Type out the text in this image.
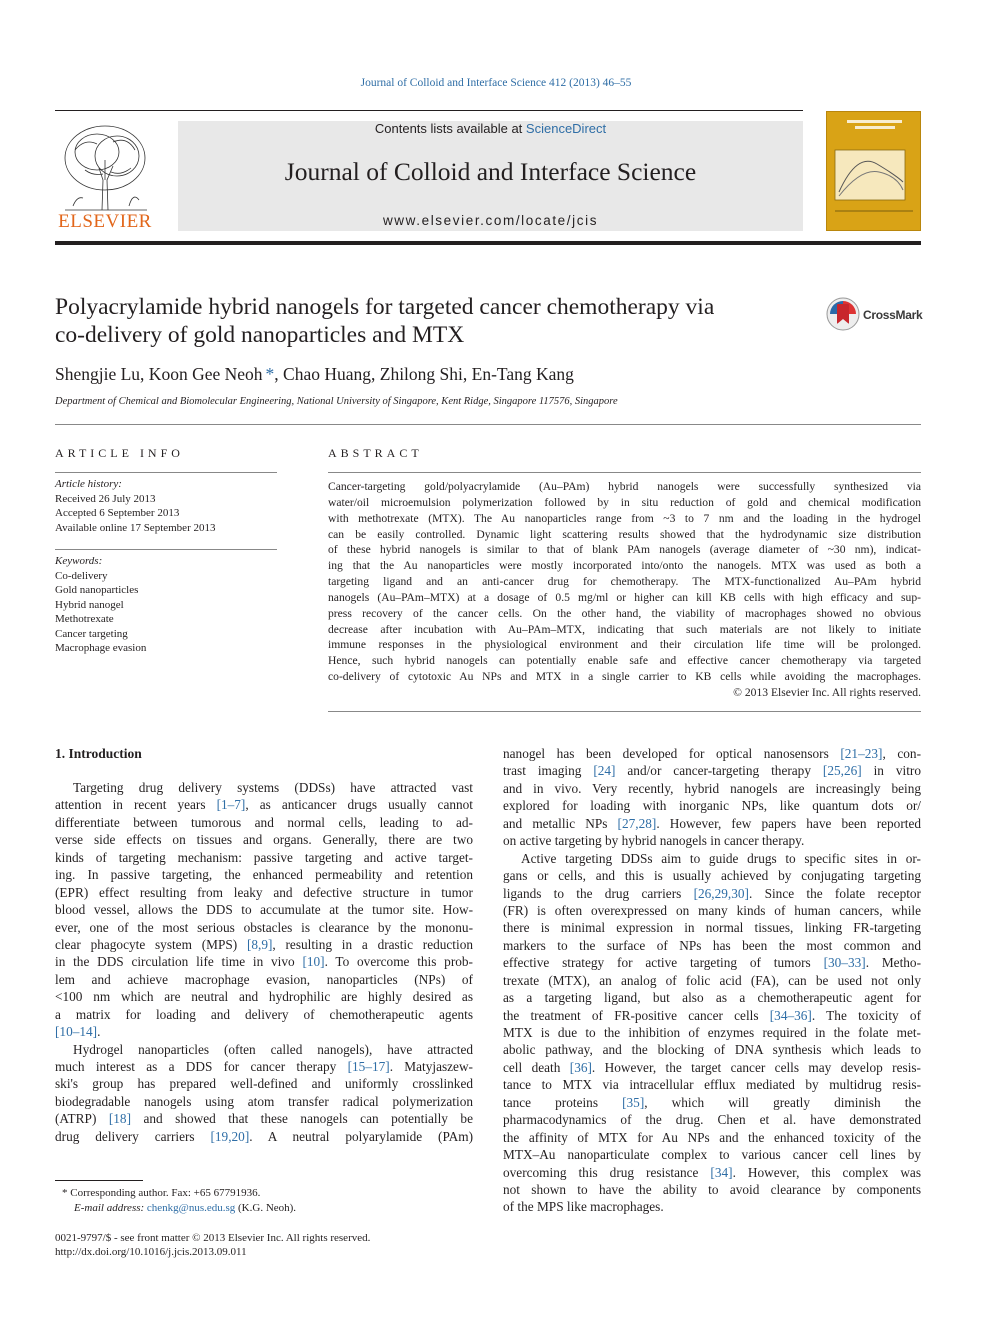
Journal of Colloid and Interface Science 412 (2013) 46–55
ELSEVIER
Contents lists available at ScienceDirect
Journal of Colloid and Interface Science
www.elsevier.com/locate/jcis
Polyacrylamide hybrid nanogels for targeted cancer chemotherapy via
co-delivery of gold nanoparticles and MTX
CrossMark
Shengjie Lu, Koon Gee Neoh *, Chao Huang, Zhilong Shi, En-Tang Kang
Department of Chemical and Biomolecular Engineering, National University of Singapore, Kent Ridge, Singapore 117576, Singapore
ARTICLE INFO
Article history:
Received 26 July 2013
Accepted 6 September 2013
Available online 17 September 2013
Keywords:
Co-delivery
Gold nanoparticles
Hybrid nanogel
Methotrexate
Cancer targeting
Macrophage evasion
ABSTRACT
Cancer-targeting gold/polyacrylamide (Au–PAm) hybrid nanogels were successfully synthesized via
water/oil microemulsion polymerization followed by in situ reduction of gold and chemical modification
with methotrexate (MTX). The Au nanoparticles range from ~3 to 7 nm and the loading in the hydrogel
can be easily controlled. Dynamic light scattering results showed that the hydrodynamic size distribution
of these hybrid nanogels is similar to that of blank PAm nanogels (average diameter of ~30 nm), indicat-
ing that the Au nanoparticles were mostly incorporated into/onto the nanogels. MTX was used as both a
targeting ligand and an anti-cancer drug for chemotherapy. The MTX-functionalized Au–PAm hybrid
nanogels (Au–PAm–MTX) at a dosage of 0.5 mg/ml or higher can kill KB cells with high efficacy and sup-
press recovery of the cancer cells. On the other hand, the viability of macrophages showed no obvious
decrease after incubation with Au–PAm–MTX, indicating that such materials are not likely to initiate
immune responses in the physiological environment and their circulation life time will be prolonged.
Hence, such hybrid nanogels can potentially enable safe and effective cancer chemotherapy via targeted
co-delivery of cytotoxic Au NPs and MTX in a single carrier to KB cells while avoiding the macrophages.
© 2013 Elsevier Inc. All rights reserved.
1. Introduction
Targeting drug delivery systems (DDSs) have attracted vast
attention in recent years [1–7], as anticancer drugs usually cannot
differentiate between tumorous and normal cells, leading to ad-
verse side effects on tissues and organs. Generally, there are two
kinds of targeting mechanism: passive targeting and active target-
ing. In passive targeting, the enhanced permeability and retention
(EPR) effect resulting from leaky and defective structure in tumor
blood vessel, allows the DDS to accumulate at the tumor site. How-
ever, one of the most serious obstacles is clearance by the mononu-
clear phagocyte system (MPS) [8,9], resulting in a drastic reduction
in the DDS circulation life time in vivo [10]. To overcome this prob-
lem and achieve macrophage evasion, nanoparticles (NPs) of
<100 nm which are neutral and hydrophilic are highly desired as
a matrix for loading and delivery of chemotherapeutic agents
[10–14].
Hydrogel nanoparticles (often called nanogels), have attracted
much interest as a DDS for cancer therapy [15–17]. Matyjaszew-
ski's group has prepared well-defined and uniformly crosslinked
biodegradable nanogels using atom transfer radical polymerization
(ATRP) [18] and showed that these nanogels can potentially be
drug delivery carriers [19,20]. A neutral polyarylamide (PAm)
nanogel has been developed for optical nanosensors [21–23], con-
trast imaging [24] and/or cancer-targeting therapy [25,26] in vitro
and in vivo. Very recently, hybrid nanogels are increasingly being
explored for loading with inorganic NPs, like quantum dots or/
and metallic NPs [27,28]. However, few papers have been reported
on active targeting by hybrid nanogels in cancer therapy.
Active targeting DDSs aim to guide drugs to specific sites in or-
gans or cells, and this is usually achieved by conjugating targeting
ligands to the drug carriers [26,29,30]. Since the folate receptor
(FR) is often overexpressed on many kinds of human cancers, while
there is minimal expression in normal tissues, linking FR-targeting
markers to the surface of NPs has been the most common and
effective strategy for active targeting of tumors [30–33]. Metho-
trexate (MTX), an analog of folic acid (FA), can be used not only
as a targeting ligand, but also as a chemotherapeutic agent for
the treatment of FR-positive cancer cells [34–36]. The toxicity of
MTX is due to the inhibition of enzymes required in the folate met-
abolic pathway, and the blocking of DNA synthesis which leads to
cell death [36]. However, the target cancer cells may develop resis-
tance to MTX via intracellular efflux mediated by multidrug resis-
tance proteins [35], which will greatly diminish the
pharmacodynamics of the drug. Chen et al. have demonstrated
the affinity of MTX for Au NPs and the enhanced toxicity of the
MTX–Au nanoparticulate complex to various cancer cell lines by
overcoming this drug resistance [34]. However, this complex was
not shown to have the ability to avoid clearance by components
of the MPS like macrophages.
* Corresponding author. Fax: +65 67791936.
E-mail address: chenkg@nus.edu.sg (K.G. Neoh).
0021-9797/$ - see front matter © 2013 Elsevier Inc. All rights reserved.
http://dx.doi.org/10.1016/j.jcis.2013.09.011
